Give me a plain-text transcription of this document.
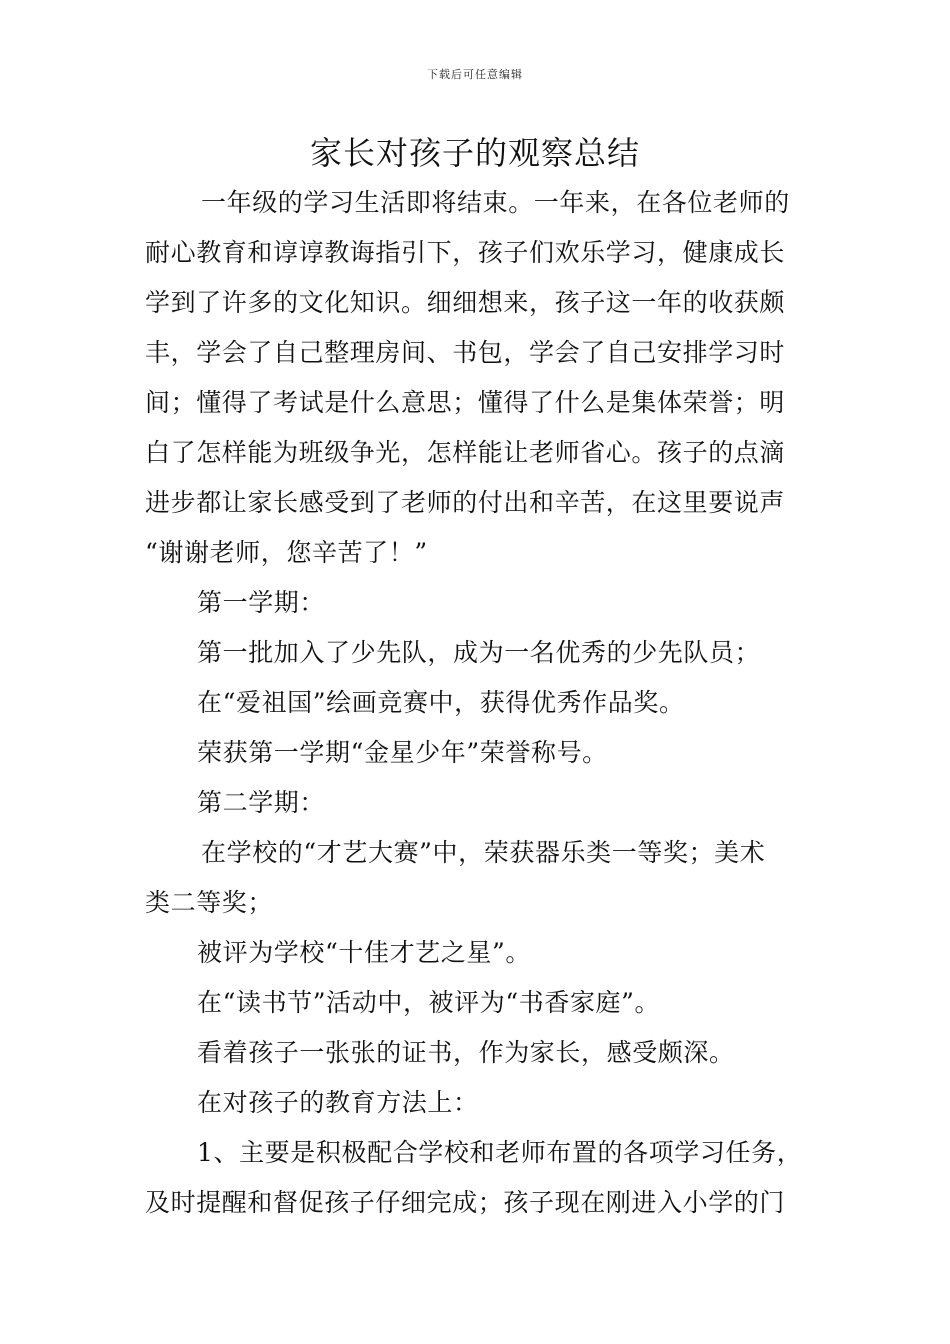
下载后可任意编辑
家长对孩子的观察总结
一年级的学习生活即将结束。一年来，在各位老师的
耐心教育和谆谆教诲指引下，孩子们欢乐学习，健康成长
学到了许多的文化知识。细细想来，孩子这一年的收获颇
丰，学会了自己整理房间、书包，学会了自己安排学习时
间；懂得了考试是什么意思；懂得了什么是集体荣誉；明
白了怎样能为班级争光，怎样能让老师省心。孩子的点滴
进步都让家长感受到了老师的付出和辛苦，在这里要说声
“谢谢老师，您辛苦了！”
第一学期：
第一批加入了少先队，成为一名优秀的少先队员；
在“爱祖国”绘画竞赛中，获得优秀作品奖。
荣获第一学期“金星少年”荣誉称号。
第二学期：
在学校的“才艺大赛”中，荣获器乐类一等奖；美术
类二等奖；
被评为学校“十佳才艺之星”。
在“读书节”活动中，被评为“书香家庭”。
看着孩子一张张的证书，作为家长，感受颇深。
在对孩子的教育方法上：
1、主要是积极配合学校和老师布置的各项学习任务，
及时提醒和督促孩子仔细完成；孩子现在刚进入小学的门
